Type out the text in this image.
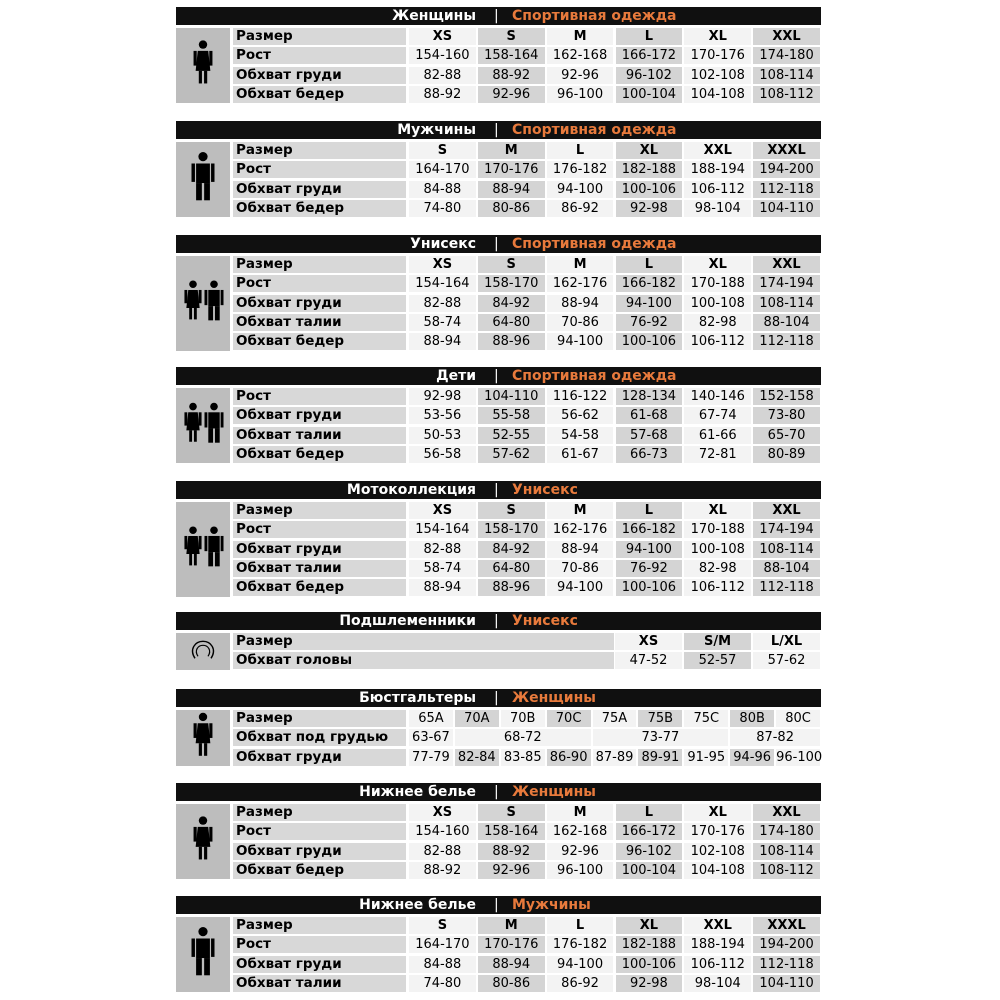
Женщины | Спортивная одежда
Размер	XS	S	M	L	XL	XXL
Рост	154-160	158-164	162-168	166-172	170-176	174-180
Обхват груди	82-88	88-92	92-96	96-102	102-108	108-114
Обхват бедер	88-92	92-96	96-100	100-104	104-108	108-112
Мужчины | Спортивная одежда
Размер	S	M	L	XL	XXL	XXXL
Рост	164-170	170-176	176-182	182-188	188-194	194-200
Обхват груди	84-88	88-94	94-100	100-106	106-112	112-118
Обхват бедер	74-80	80-86	86-92	92-98	98-104	104-110
Унисекс | Спортивная одежда
Размер	XS	S	M	L	XL	XXL
Рост	154-164	158-170	162-176	166-182	170-188	174-194
Обхват груди	82-88	84-92	88-94	94-100	100-108	108-114
Обхват талии	58-74	64-80	70-86	76-92	82-98	88-104
Обхват бедер	88-94	88-96	94-100	100-106	106-112	112-118
Дети | Спортивная одежда
Рост	92-98	104-110	116-122	128-134	140-146	152-158
Обхват груди	53-56	55-58	56-62	61-68	67-74	73-80
Обхват талии	50-53	52-55	54-58	57-68	61-66	65-70
Обхват бедер	56-58	57-62	61-67	66-73	72-81	80-89
Мотоколлекция | Унисекс
Размер	XS	S	M	L	XL	XXL
Рост	154-164	158-170	162-176	166-182	170-188	174-194
Обхват груди	82-88	84-92	88-94	94-100	100-108	108-114
Обхват талии	58-74	64-80	70-86	76-92	82-98	88-104
Обхват бедер	88-94	88-96	94-100	100-106	106-112	112-118
Подшлеменники | Унисекс
Размер	XS	S/M	L/XL
Обхват головы	47-52	52-57	57-62
Бюстгальтеры | Женщины
Размер	65A	70A	70B	70C	75A	75B	75C	80B	80C
Обхват под грудью	63-67	68-72	73-77	87-82
Обхват груди	77-79 82-84 83-85 86-90 87-89 89-91 91-95 94-96 96-100
Нижнее белье | Женщины
Размер	XS	S	M	L	XL	XXL
Рост	154-160	158-164	162-168	166-172	170-176	174-180
Обхват груди	82-88	88-92	92-96	96-102	102-108	108-114
Обхват бедер	88-92	92-96	96-100	100-104	104-108	108-112
Нижнее белье | Мужчины
Размер	S	M	L	XL	XXL	XXXL
Рост	164-170	170-176	176-182	182-188	188-194	194-200
Обхват груди	84-88	88-94	94-100	100-106	106-112	112-118
Обхват талии	74-80	80-86	86-92	92-98	98-104	104-110
